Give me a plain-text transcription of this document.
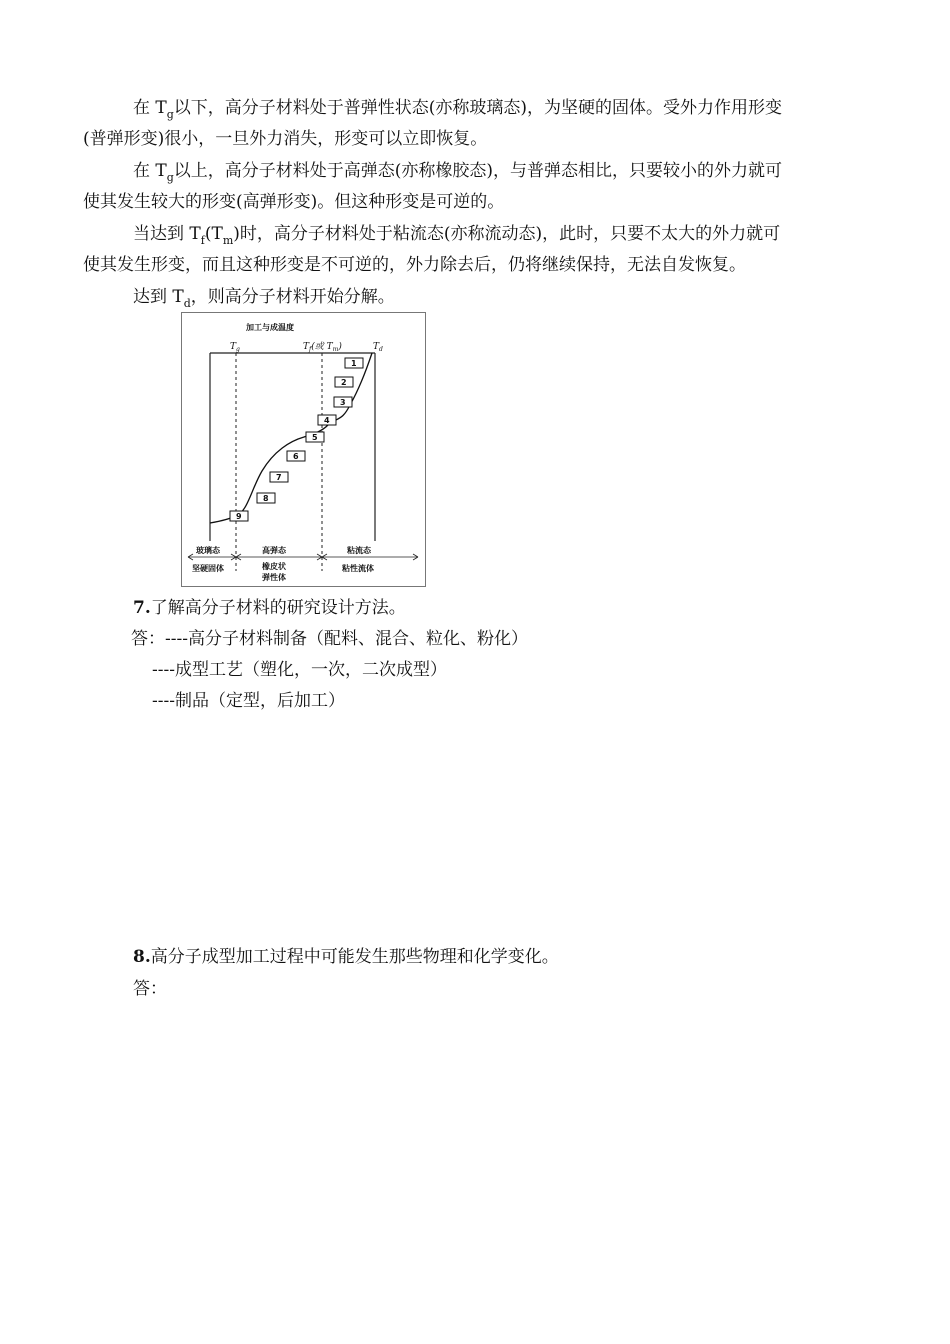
在 $T_g$以下，高分子材料处于普弹性状态(亦称玻璃态)，为坚硬的固体。受外力作用形变
(普弹形变)很小，一旦外力消失，形变可以立即恢复。
在 $T_g$以上，高分子材料处于高弹态(亦称橡胶态)，与普弹态相比，只要较小的外力就可
使其发生较大的形变(高弹形变)。但这种形变是可逆的。
当达到 $T_f(T_m)$时，高分子材料处于粘流态(亦称流动态)，此时，只要不太大的外力就可
使其发生形变，而且这种形变是不可逆的，外力除去后，仍将继续保持，无法自发恢复。
达到 $T_d$，则高分子材料开始分解。
加工与成温度
$T_g$	$T_f$(或 $T_m$)	$T_d$
1
2
3
4
5
6
7
8
9
玻璃态
坚硬固体
高弹态
橡皮状
弹性体
粘流态
粘性流体
7.了解高分子材料的研究设计方法。
答：----高分子材料制备（配料、混合、粒化、粉化）
----成型工艺（塑化，一次，二次成型）
----制品（定型，后加工）
8.高分子成型加工过程中可能发生那些物理和化学变化。
答：
